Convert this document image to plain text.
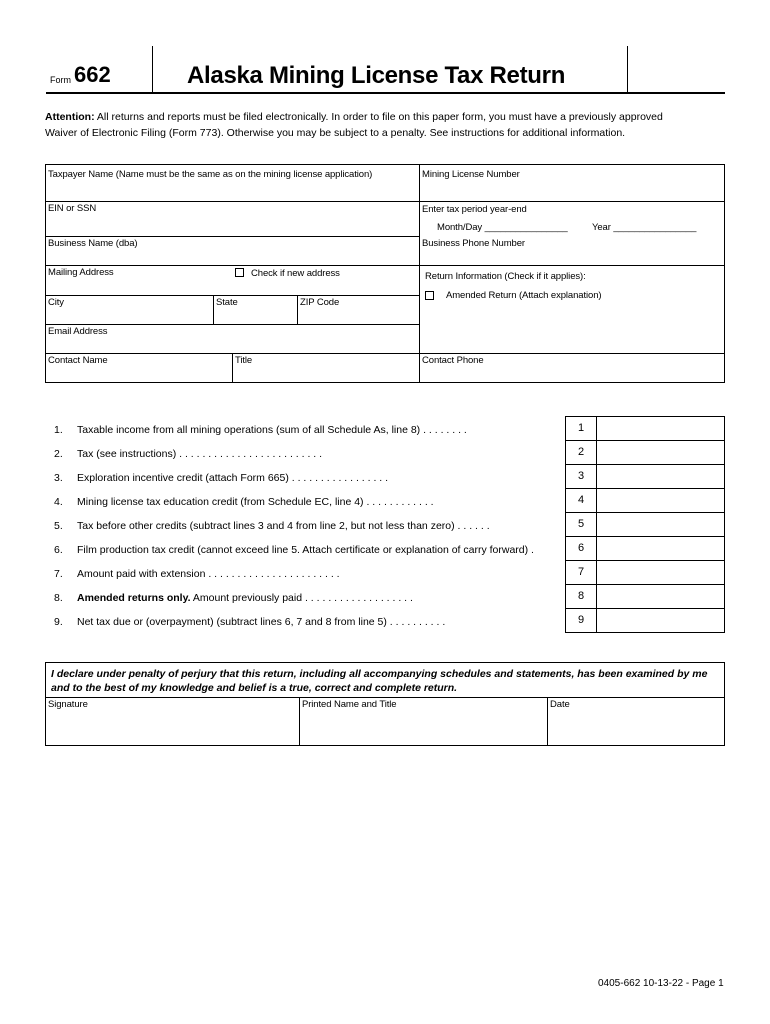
Form 662	Alaska Mining License Tax Return
Attention: All returns and reports must be filed electronically. In order to file on this paper form, you must have a previously approved
Waiver of Electronic Filing (Form 773). Otherwise you may be subject to a penalty. See instructions for additional information.
Taxpayer Name (Name must be the same as on the mining license application)	Mining License Number
EIN or SSN	Enter tax period year-end
Month/Day ________________	Year ________________
Business Name (dba)	Business Phone Number
Mailing Address	Check if new address	Return Information (Check if it applies):
Amended Return (Attach explanation)
City	State	ZIP Code
Email Address
Contact Name	Title	Contact Phone
1. Taxable income from all mining operations (sum of all Schedule As, line 8) . . . . . . . .	1
2. Tax (see instructions) . . . . . . . . . . . . . . . . . . . . . . . . .	2
3. Exploration incentive credit (attach Form 665) . . . . . . . . . . . . . . . . .	3
4. Mining license tax education credit (from Schedule EC, line 4) . . . . . . . . . . . .	4
5. Tax before other credits (subtract lines 3 and 4 from line 2, but not less than zero) . . . . . .	5
6. Film production tax credit (cannot exceed line 5. Attach certificate or explanation of carry forward) .	6
7. Amount paid with extension . . . . . . . . . . . . . . . . . . . . . . .	7
8. Amended returns only. Amount previously paid . . . . . . . . . . . . . . . . . . .	8
9. Net tax due or (overpayment) (subtract lines 6, 7 and 8 from line 5) . . . . . . . . . .	9
I declare under penalty of perjury that this return, including all accompanying schedules and statements, has been examined by me and to the best of my knowledge and belief is a true, correct and complete return.
Signature	Printed Name and Title	Date
0405-662 10-13-22 - Page 1
